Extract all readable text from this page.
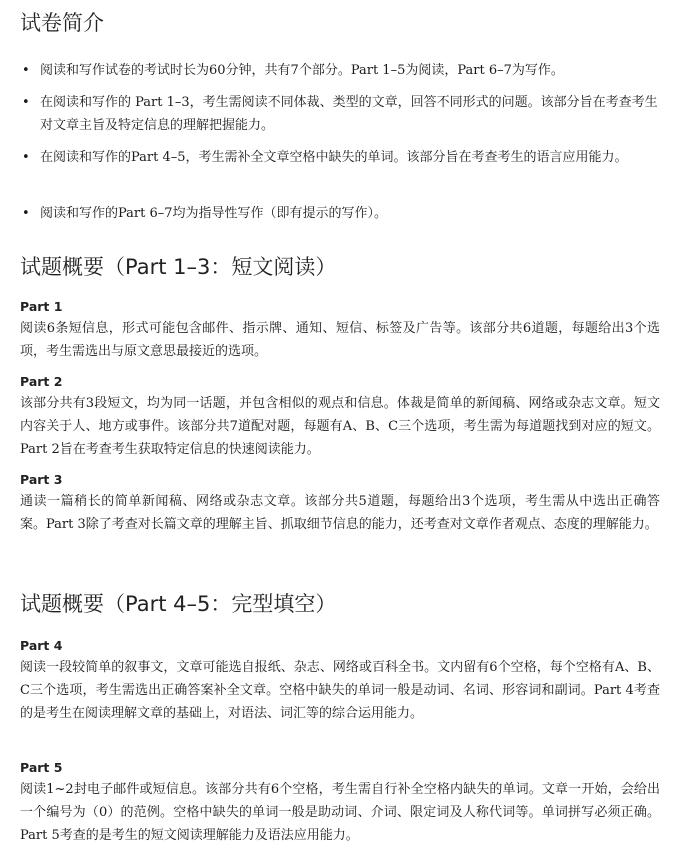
试卷简介
• 阅读和写作试卷的考试时长为60分钟，共有7个部分。Part 1–5为阅读，Part 6–7为写作。
• 在阅读和写作的 Part 1–3，考生需阅读不同体裁、类型的文章，回答不同形式的问题。该部分旨在考查考生对文章主旨及特定信息的理解把握能力。
• 在阅读和写作的Part 4–5，考生需补全文章空格中缺失的单词。该部分旨在考查考生的语言应用能力。
• 阅读和写作的Part 6–7均为指导性写作（即有提示的写作）。
试题概要（Part 1–3：短文阅读）
Part 1
阅读6条短信息，形式可能包含邮件、指示牌、通知、短信、标签及广告等。该部分共6道题，每题给出3个选项，考生需选出与原文意思最接近的选项。
Part 2
该部分共有3段短文，均为同一话题，并包含相似的观点和信息。体裁是简单的新闻稿、网络或杂志文章。短文内容关于人、地方或事件。该部分共7道配对题，每题有A、B、C三个选项，考生需为每道题找到对应的短文。Part 2旨在考查考生获取特定信息的快速阅读能力。
Part 3
通读一篇稍长的简单新闻稿、网络或杂志文章。该部分共5道题，每题给出3个选项，考生需从中选出正确答案。Part 3除了考查对长篇文章的理解主旨、抓取细节信息的能力，还考查对文章作者观点、态度的理解能力。
试题概要（Part 4–5：完型填空）
Part 4
阅读一段较简单的叙事文，文章可能选自报纸、杂志、网络或百科全书。文内留有6个空格，每个空格有A、B、C三个选项，考生需选出正确答案补全文章。空格中缺失的单词一般是动词、名词、形容词和副词。Part 4考查的是考生在阅读理解文章的基础上，对语法、词汇等的综合运用能力。
Part 5
阅读1~2封电子邮件或短信息。该部分共有6个空格，考生需自行补全空格内缺失的单词。文章一开始，会给出一个编号为（0）的范例。空格中缺失的单词一般是助动词、介词、限定词及人称代词等。单词拼写必须正确。Part 5考查的是考生的短文阅读理解能力及语法应用能力。
